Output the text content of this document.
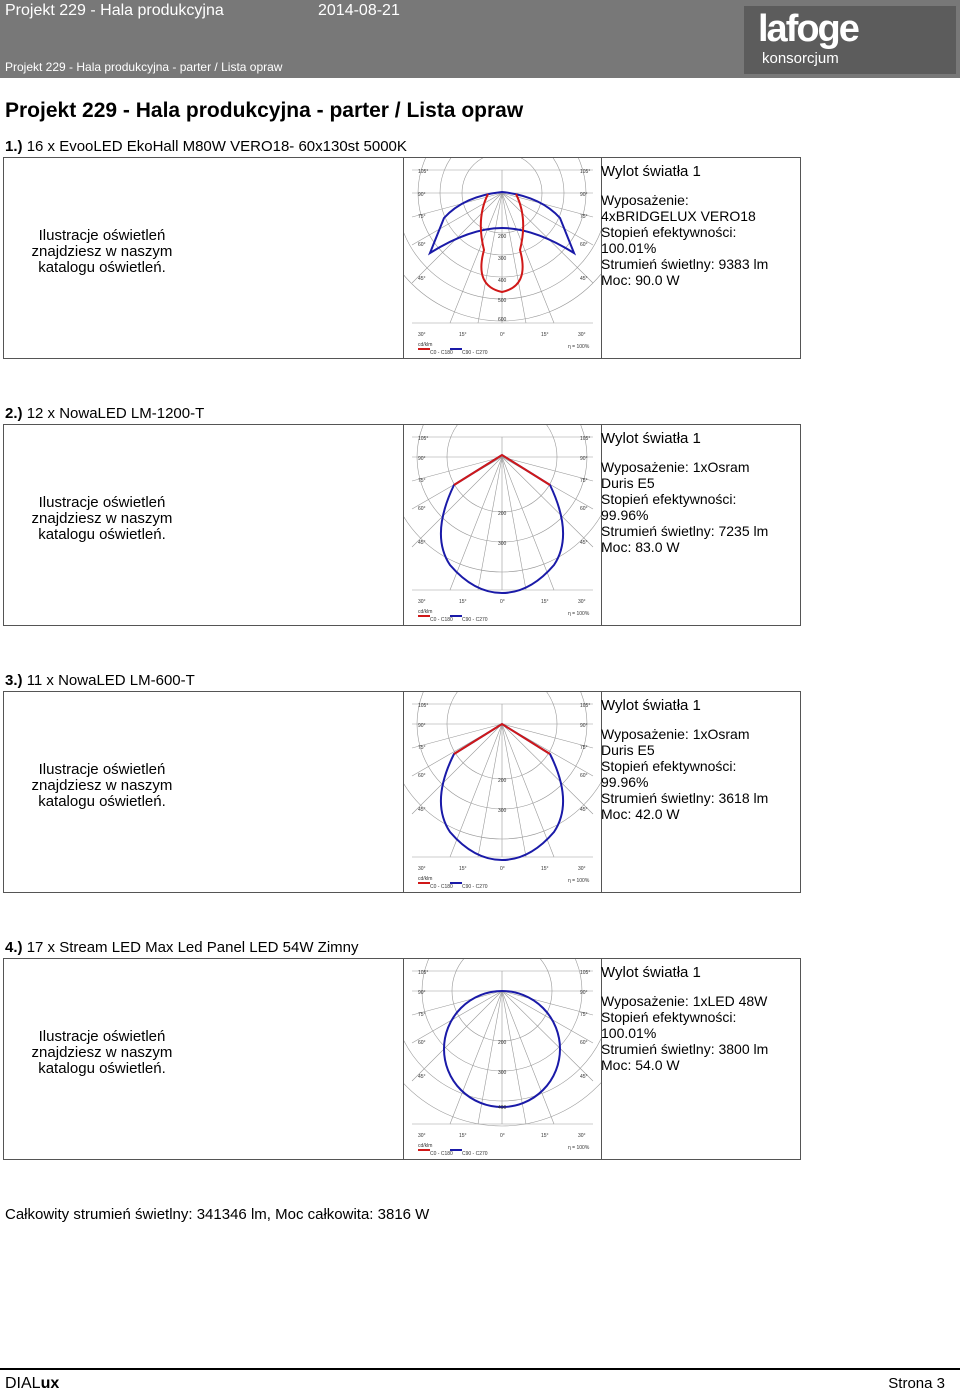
Projekt 229 - Hala produkcyjna	2014-08-21
Projekt 229 - Hala produkcyjna - parter / Lista opraw
lafoge
konsorcjum
Projekt 229 - Hala produkcyjna - parter / Lista opraw
1.) 16 x EvooLED EkoHall M80W VERO18- 60x130st 5000K
Ilustracje oświetleń znajdziesz w naszym katalogu oświetleń.
105°	105°
90°	90°
75°	75°
60°	60°
45°	45°
200
300
400
500
600
30°	15°	0°	15°	30°
cd/klm	η = 100%
C0 - C180 C90 - C270
Wylot światła 1
Wyposażenie:
4xBRIDGELUX VERO18
Stopień efektywności:
100.01%
Strumień świetlny: 9383 lm
Moc: 90.0 W
2.) 12 x NowaLED LM-1200-T
Ilustracje oświetleń znajdziesz w naszym katalogu oświetleń.
105°	105°
90°	90°
75°	75°
60°	60°
45°	45°
200
300
30°	15°	0°	15°	30°
cd/klm	η = 100%
C0 - C180 C90 - C270
Wylot światła 1
Wyposażenie: 1xOsram
Duris E5
Stopień efektywności:
99.96%
Strumień świetlny: 7235 lm
Moc: 83.0 W
3.) 11 x NowaLED LM-600-T
Ilustracje oświetleń znajdziesz w naszym katalogu oświetleń.
105°	105°
90°	90°
75°	75°
60°	60°
45°	45°
200
300
30°	15°	0°	15°	30°
cd/klm	η = 100%
C0 - C180 C90 - C270
Wylot światła 1
Wyposażenie: 1xOsram
Duris E5
Stopień efektywności:
99.96%
Strumień świetlny: 3618 lm
Moc: 42.0 W
4.) 17 x Stream LED Max Led Panel LED 54W Zimny
Ilustracje oświetleń znajdziesz w naszym katalogu oświetleń.
105°	105°
90°	90°
75°	75°
60°	60°
45°	45°
200
300
400
30°	15°	0°	15°	30°
cd/klm	η = 100%
C0 - C180 C90 - C270
Wylot światła 1
Wyposażenie: 1xLED 48W
Stopień efektywności:
100.01%
Strumień świetlny: 3800 lm
Moc: 54.0 W
Całkowity strumień świetlny: 341346 lm, Moc całkowita: 3816 W
DIALux	Strona 3
